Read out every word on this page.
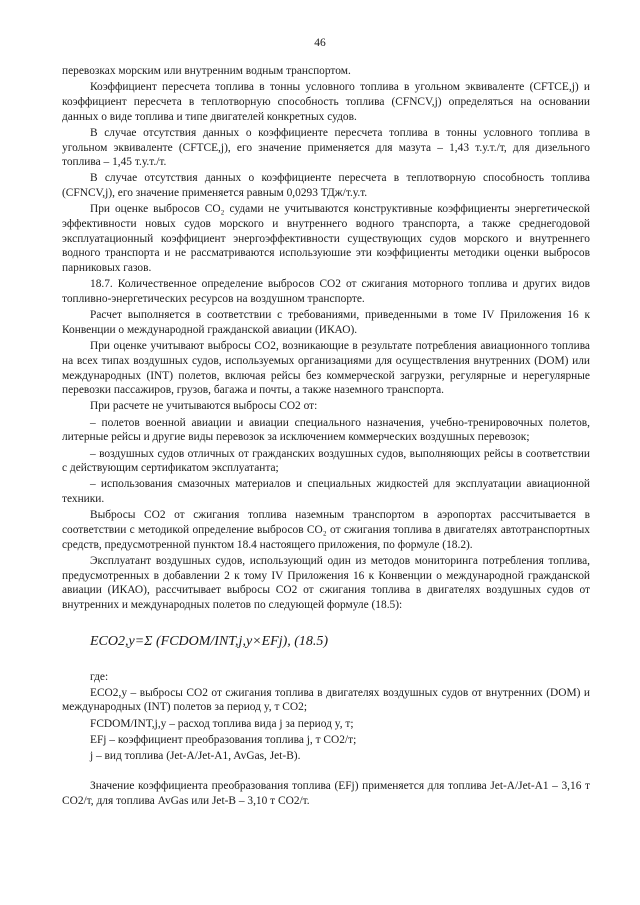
46

перевозках морским или внутренним водным транспортом.

Коэффициент пересчета топлива в тонны условного топлива в угольном эквиваленте (CFTCE,j) и коэффициент пересчета в теплотворную способность топлива (CFNCV,j) определяться на основании данных о виде топлива и типе двигателей конкретных судов.

В случае отсутствия данных о коэффициенте пересчета топлива в тонны условного топлива в угольном эквиваленте (CFTCE,j), его значение применяется для мазута – 1,43 т.у.т./т, для дизельного топлива – 1,45 т.у.т./т.

В случае отсутствия данных о коэффициенте пересчета в теплотворную способность топлива (CFNCV,j), его значение применяется равным 0,0293 ТДж/т.у.т.

При оценке выбросов CO₂ судами не учитываются конструктивные коэффициенты энергетической эффективности новых судов морского и внутреннего водного транспорта, а также среднегодовой эксплуатационный коэффициент энергоэффективности существующих судов морского и внутреннего водного транспорта и не рассматриваются используюшие эти коэффициенты методики оценки выбросов парниковых газов.

18.7. Количественное определение выбросов CO2 от сжигания моторного топлива и других видов топливно-энергетических ресурсов на воздушном транспорте.

Расчет выполняется в соответствии с требованиями, приведенными в томе IV Приложения 16 к Конвенции о международной гражданской авиации (ИКАО).

При оценке учитывают выбросы CO2, возникающие в результате потребления авиационного топлива на всех типах воздушных судов, используемых организациями для осуществления внутренних (DOM) или международных (INT) полетов, включая рейсы без коммерческой загрузки, регулярные и нерегулярные перевозки пассажиров, грузов, багажа и почты, а также наземного транспорта.

При расчете не учитываются выбросы CO2 от:

– полетов военной авиации и авиации специального назначения, учебно-тренировочных полетов, литерные рейсы и другие виды перевозок за исключением коммерческих воздушных перевозок;

– воздушных судов отличных от гражданских воздушных судов, выполняющих рейсы в соответствии с действующим сертификатом эксплуатанта;

– использования смазочных материалов и специальных жидкостей для эксплуатации авиационной техники.

Выбросы CO2 от сжигания топлива наземным транспортом в аэропортах рассчитывается в соответствии с методикой определение выбросов CO₂ от сжигания топлива в двигателях автотранспортных средств, предусмотренной пунктом 18.4 настоящего приложения, по формуле (18.2).

Эксплуатант воздушных судов, использующий один из методов мониторинга потребления топлива, предусмотренных в добавлении 2 к тому IV Приложения 16 к Конвенции о международной гражданской авиации (ИКАО), рассчитывает выбросы CO2 от сжигания топлива в двигателях воздушных судов от внутренних и международных полетов по следующей формуле (18.5):

ECO2,y=Σ (FCDOM/INT,j,y×EFj), (18.5)

где:

ECO2,y – выбросы CO2 от сжигания топлива в двигателях воздушных судов от внутренних (DOM) и международных (INT) полетов за период y, т CO2;

FCDOM/INT,j,y – расход топлива вида j за период y, т;

EFj – коэффициент преобразования топлива j, т CO2/т;

j – вид топлива (Jet-A/Jet-A1, AvGas, Jet-B).

Значение коэффициента преобразования топлива (EFj) применяется для топлива Jet-A/Jet-A1 – 3,16 т CO2/т, для топлива AvGas или Jet-B – 3,10 т CO2/т.
